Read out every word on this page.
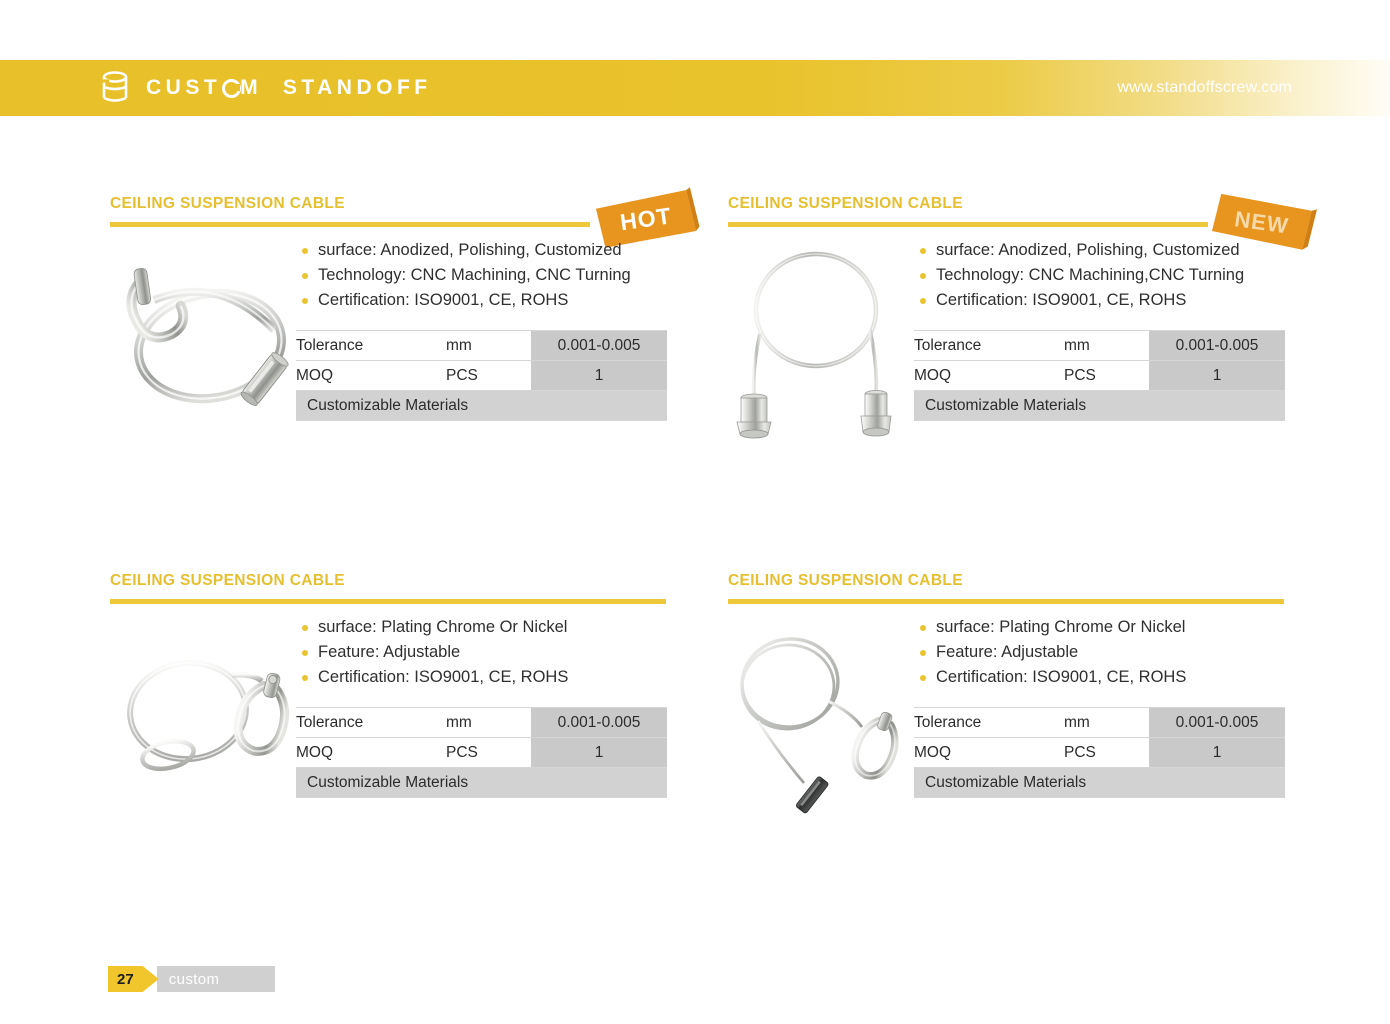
CUST M STANDOFF	www.standoffscrew.com
CEILING SUSPENSION CABLE	HOT
surface: Anodized, Polishing, Customized
Technology: CNC Machining, CNC Turning
Certification: ISO9001, CE, ROHS
Tolerance	mm	0.001-0.005
MOQ	PCS	1
Customizable Materials		
CEILING SUSPENSION CABLE
NEW
surface: Anodized, Polishing, Customized
Technology: CNC Machining,CNC Turning
Certification: ISO9001, CE, ROHS
Tolerance	mm	0.001-0.005
MOQ	PCS	1
Customizable Materials		
CEILING SUSPENSION CABLE
surface: Plating Chrome Or Nickel
Feature: Adjustable
Certification: ISO9001, CE, ROHS
Tolerance	mm	0.001-0.005
MOQ	PCS	1
Customizable Materials		
CEILING SUSPENSION CABLE
surface: Plating Chrome Or Nickel
Feature: Adjustable
Certification: ISO9001, CE, ROHS
Tolerance	mm	0.001-0.005
MOQ	PCS	1
Customizable Materials		
27	custom
